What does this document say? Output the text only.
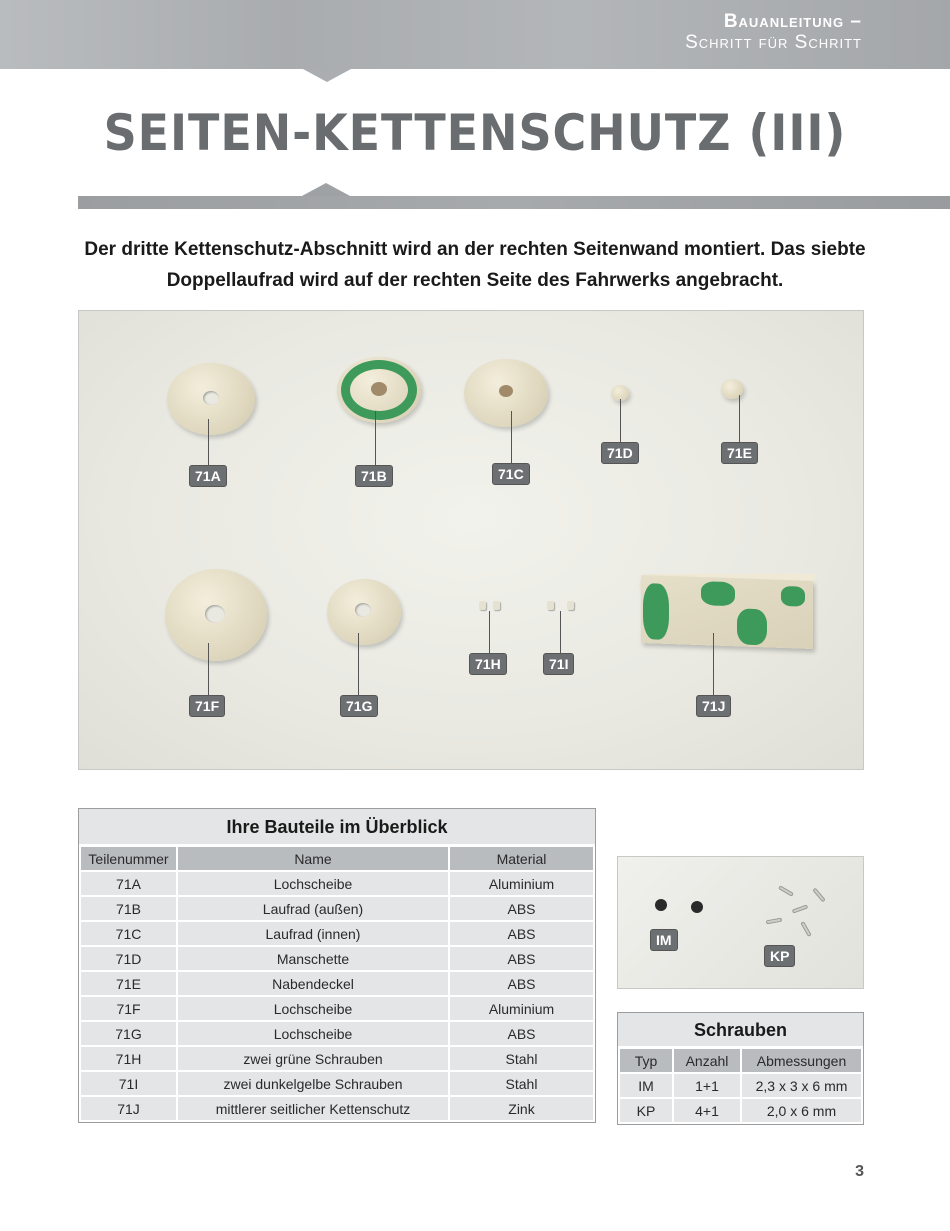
Bauanleitung –
Schritt für Schritt
SEITEN-KETTENSCHUTZ (III)

Der dritte Kettenschutz-Abschnitt wird an der rechten Seitenwand montiert. Das siebte Doppellaufrad wird auf der rechten Seite des Fahrwerks angebracht.

71A	71B	71C
71D	71E
71F	71G
71H	71I
71J
Ihre Bauteile im Überblick
Teilenummer	Name	Material
71A	Lochscheibe	Aluminium
71B	Laufrad (außen)	ABS
71C	Laufrad (innen)	ABS
71D	Manschette	ABS
71E	Nabendeckel	ABS
71F	Lochscheibe	Aluminium
71G	Lochscheibe	ABS
71H	zwei grüne Schrauben	Stahl
71I	zwei dunkelgelbe Schrauben	Stahl
71J	mittlerer seitlicher Kettenschutz	Zink
IM
KP
Schrauben
Typ	Anzahl	Abmessungen
IM	1+1	2,3 x 3 x 6 mm
KP	4+1	2,0 x 6 mm
3
